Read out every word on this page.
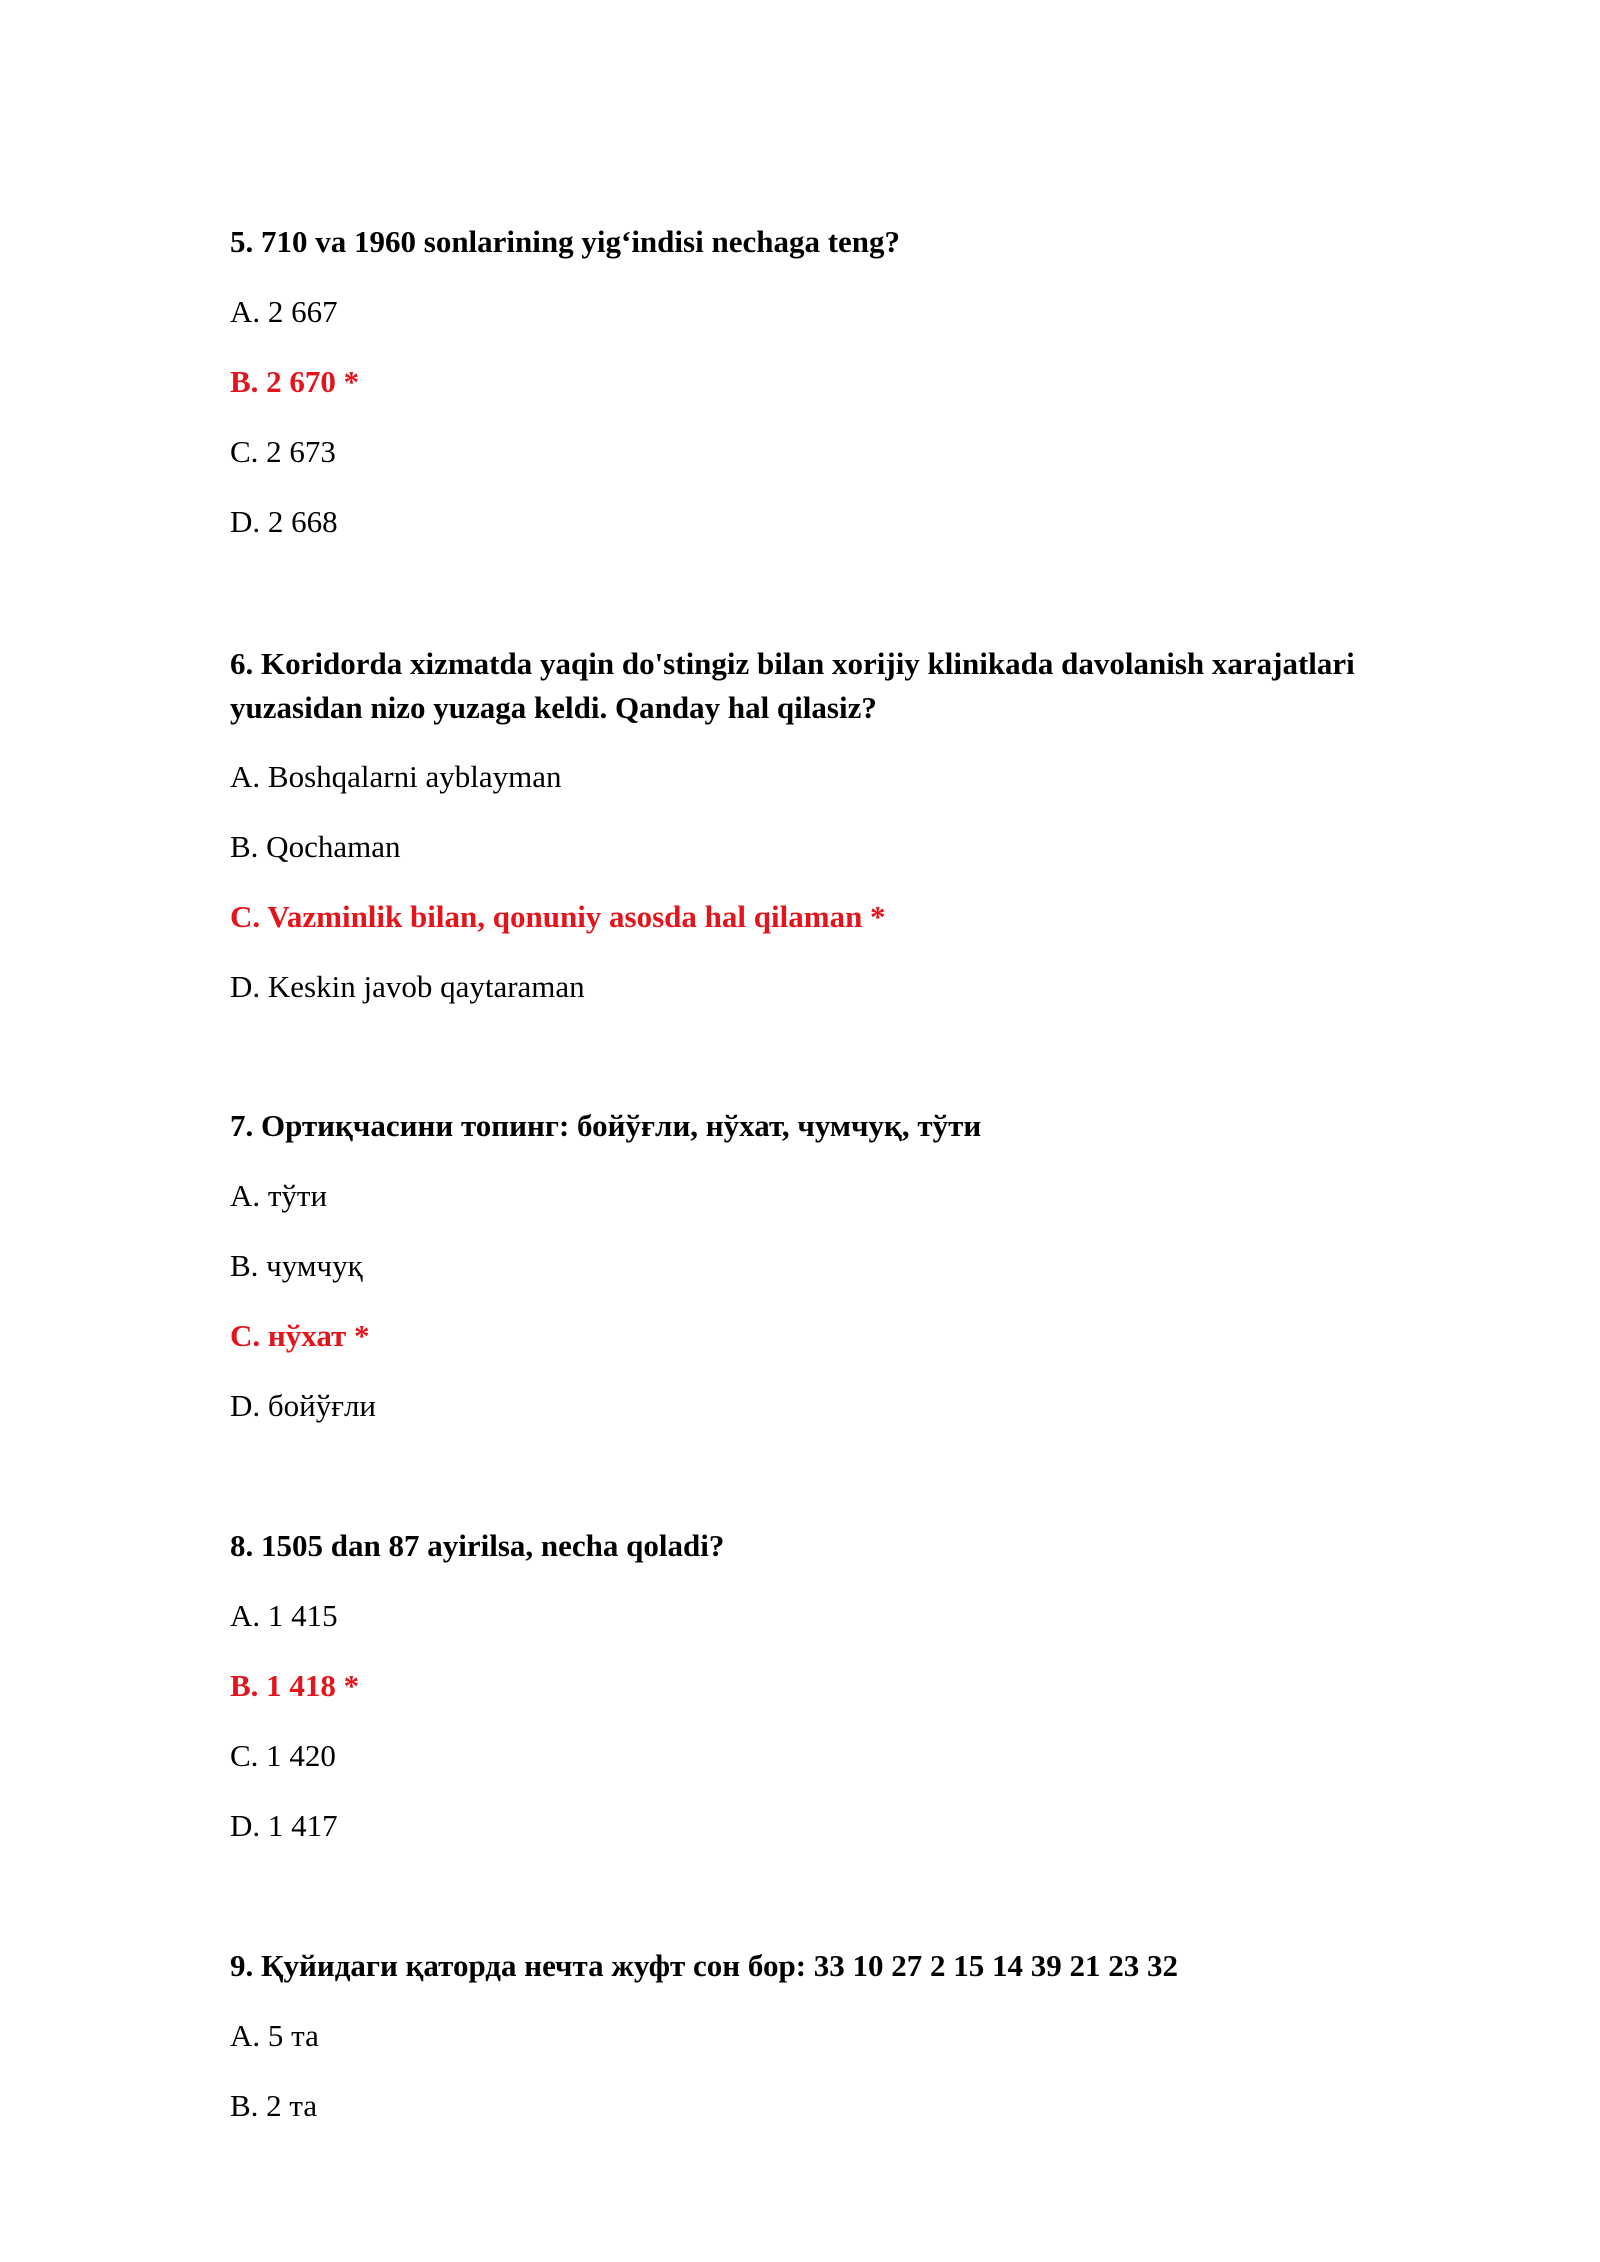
5. 710 va 1960 sonlarining yig‘indisi nechaga teng?

A. 2 667

B. 2 670 *

C. 2 673

D. 2 668

6. Koridorda xizmatda yaqin do'stingiz bilan xorijiy klinikada davolanish xarajatlari yuzasidan nizo yuzaga keldi. Qanday hal qilasiz?

A. Boshqalarni ayblayman

B. Qochaman

C. Vazminlik bilan, qonuniy asosda hal qilaman *

D. Keskin javob qaytaraman

7. Ортиқчасини топинг: бойўғли, нўхат, чумчуқ, тўти

A. тўти

B. чумчуқ

C. нўхат *

D. бойўғли

8. 1505 dan 87 ayirilsa, necha qoladi?

A. 1 415

B. 1 418 *

C. 1 420

D. 1 417

9. Қуйидаги қаторда нечта жуфт сон бор: 33 10 27 2 15 14 39 21 23 32

A. 5 та

B. 2 та
